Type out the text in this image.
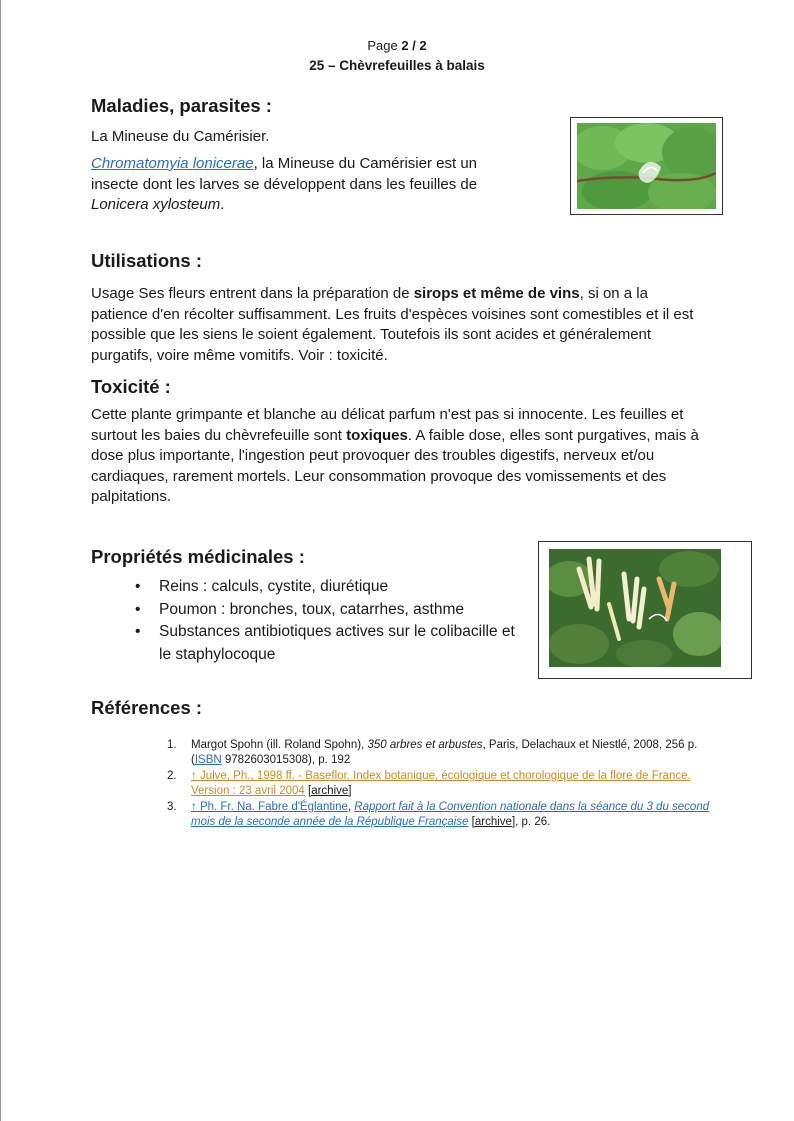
Page 2 / 2
25 – Chèvrefeuilles à balais
Maladies, parasites :

La Mineuse du Camérisier.

Chromatomyia lonicerae, la Mineuse du Camérisier est un insecte dont les larves se développent dans les feuilles de Lonicera xylosteum.

Utilisations :

Usage Ses fleurs entrent dans la préparation de sirops et même de vins, si on a la patience d'en récolter suffisamment. Les fruits d'espèces voisines sont comestibles et il est possible que les siens le soient également. Toutefois ils sont acides et généralement purgatifs, voire même vomitifs. Voir : toxicité.

Toxicité :

Cette plante grimpante et blanche au délicat parfum n'est pas si innocente. Les feuilles et surtout les baies du chèvrefeuille sont toxiques. A faible dose, elles sont purgatives, mais à dose plus importante, l'ingestion peut provoquer des troubles digestifs, nerveux et/ou cardiaques, rarement mortels. Leur consommation provoque des vomissements et des palpitations.

Propriétés médicinales :
• Reins : calculs, cystite, diurétique
• Poumon : bronches, toux, catarrhes, asthme
• Substances antibiotiques actives sur le colibacille et le staphylocoque
Références :
1. Margot Spohn (ill. Roland Spohn), 350 arbres et arbustes, Paris, Delachaux et Niestlé, 2008, 256 p. (ISBN 9782603015308), p. 192
2. ↑ Julve, Ph., 1998 ff. - Baseflor. Index botanique, écologique et chorologique de la flore de France. Version : 23 avril 2004 [archive]
3. ↑ Ph. Fr. Na. Fabre d'Églantine, Rapport fait à la Convention nationale dans la séance du 3 du second mois de la seconde année de la République Française [archive], p. 26.
